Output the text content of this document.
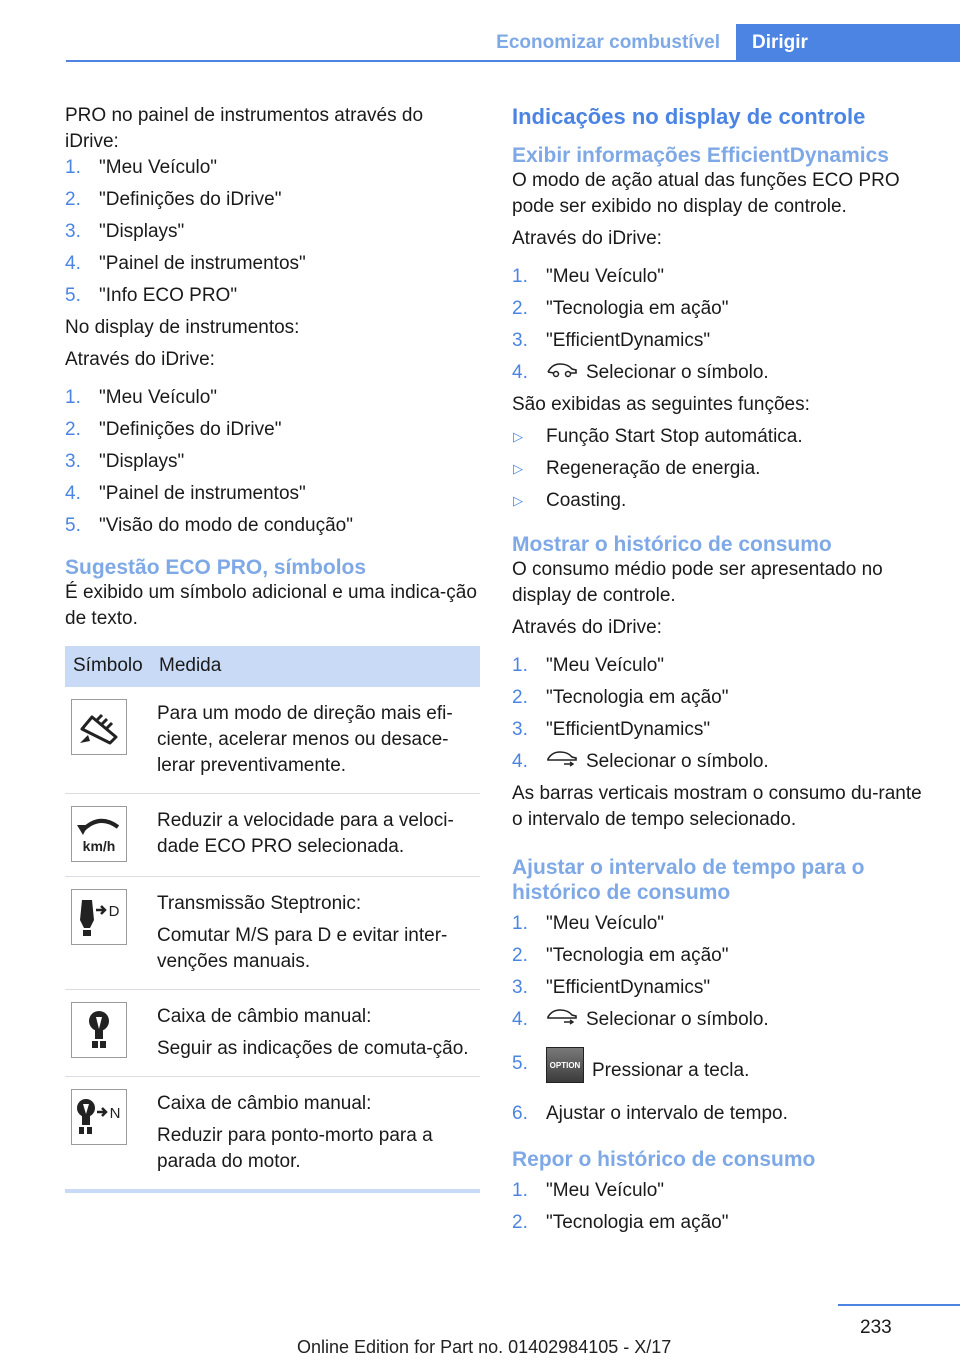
Economizar combustível	Dirigir

PRO no painel de instrumentos através do iDrive:

1. "Meu Veículo"
2. "Definições do iDrive"
3. "Displays"
4. "Painel de instrumentos"
5. "Info ECO PRO"

No display de instrumentos:

Através do iDrive:

1. "Meu Veículo"
2. "Definições do iDrive"
3. "Displays"
4. "Painel de instrumentos"
5. "Visão do modo de condução"
Sugestão ECO PRO, símbolos

É exibido um símbolo adicional e uma indica‐ção de texto.

Símbolo	Medida

Para um modo de direção mais efi‐ciente, acelerar menos ou desace‐lerar preventivamente.

km/h	Reduzir a velocidade para a veloci‐dade ECO PRO selecionada.

D	Transmissão Steptronic:

Comutar M/S para D e evitar inter‐venções manuais.

Caixa de câmbio manual:

Seguir as indicações de comuta‐ção.

N	Caixa de câmbio manual:

Reduzir para ponto-morto para a parada do motor.

Indicações no display de controle
Exibir informações EfficientDynamics

O modo de ação atual das funções ECO PRO pode ser exibido no display de controle.

Através do iDrive:

1. "Meu Veículo"
2. "Tecnologia em ação"
3. "EfficientDynamics"
4.	Selecionar o símbolo.

São exibidas as seguintes funções:

▷ Função Start Stop automática.
▷ Regeneração de energia.
▷ Coasting.
Mostrar o histórico de consumo

O consumo médio pode ser apresentado no display de controle.

Através do iDrive:

1. "Meu Veículo"
2. "Tecnologia em ação"
3. "EfficientDynamics"
4.	Selecionar o símbolo.

As barras verticais mostram o consumo du‐rante o intervalo de tempo selecionado.

Ajustar o intervalo de tempo para o histórico de consumo
1. "Meu Veículo"
2. "Tecnologia em ação"
3. "EfficientDynamics"
4.	Selecionar o símbolo.
5.	OPTION Pressionar a tecla.
6. Ajustar o intervalo de tempo.
Repor o histórico de consumo
1. "Meu Veículo"
2. "Tecnologia em ação"
233
Online Edition for Part no. 01402984105 - X/17
